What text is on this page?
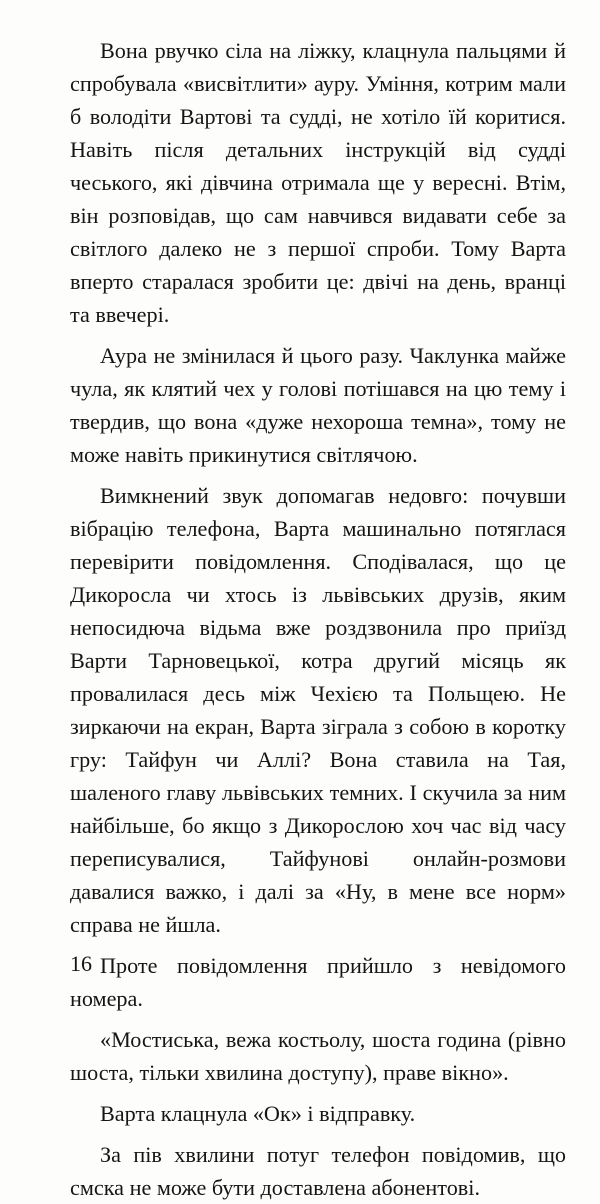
Вона рвучко сіла на ліжку, клацнула пальцями й спробувала «висвітлити» ауру. Уміння, котрим мали б володіти Вартові та судді, не хотіло їй коритися. Навіть після детальних інструкцій від судді чеського, які дівчина отримала ще у вересні. Втім, він розповідав, що сам навчився видавати себе за світлого далеко не з першої спроби. Тому Варта вперто старалася зробити це: двічі на день, вранці та ввечері.

Аура не змінилася й цього разу. Чаклунка майже чула, як клятий чех у голові потішався на цю тему і твердив, що вона «дуже нехороша темна», тому не може навіть прикинутися світлячою.

Вимкнений звук допомагав недовго: почувши вібрацію телефона, Варта машинально потяглася перевірити повідомлення. Сподівалася, що це Дикоросла чи хтось із львівських друзів, яким непосидюча відьма вже роздзвонила про приїзд Варти Тарновецької, котра другий місяць як провалилася десь між Чехією та Польщею. Не зиркаючи на екран, Варта зіграла з собою в коротку гру: Тайфун чи Аллі? Вона ставила на Тая, шаленого главу львівських темних. І скучила за ним найбільше, бо якщо з Дикорослою хоч час від часу переписувалися, Тайфунові онлайн-розмови давалися важко, і далі за «Ну, в мене все норм» справа не йшла.

Проте повідомлення прийшло з невідомого номера.

«Мостиська, вежа костьолу, шоста година (рівно шоста, тільки хвилина доступу), праве вікно».

Варта клацнула «Ок» і відправку.

За пів хвилини потуг телефон повідомив, що смска не може бути доставлена абонентові.

16
